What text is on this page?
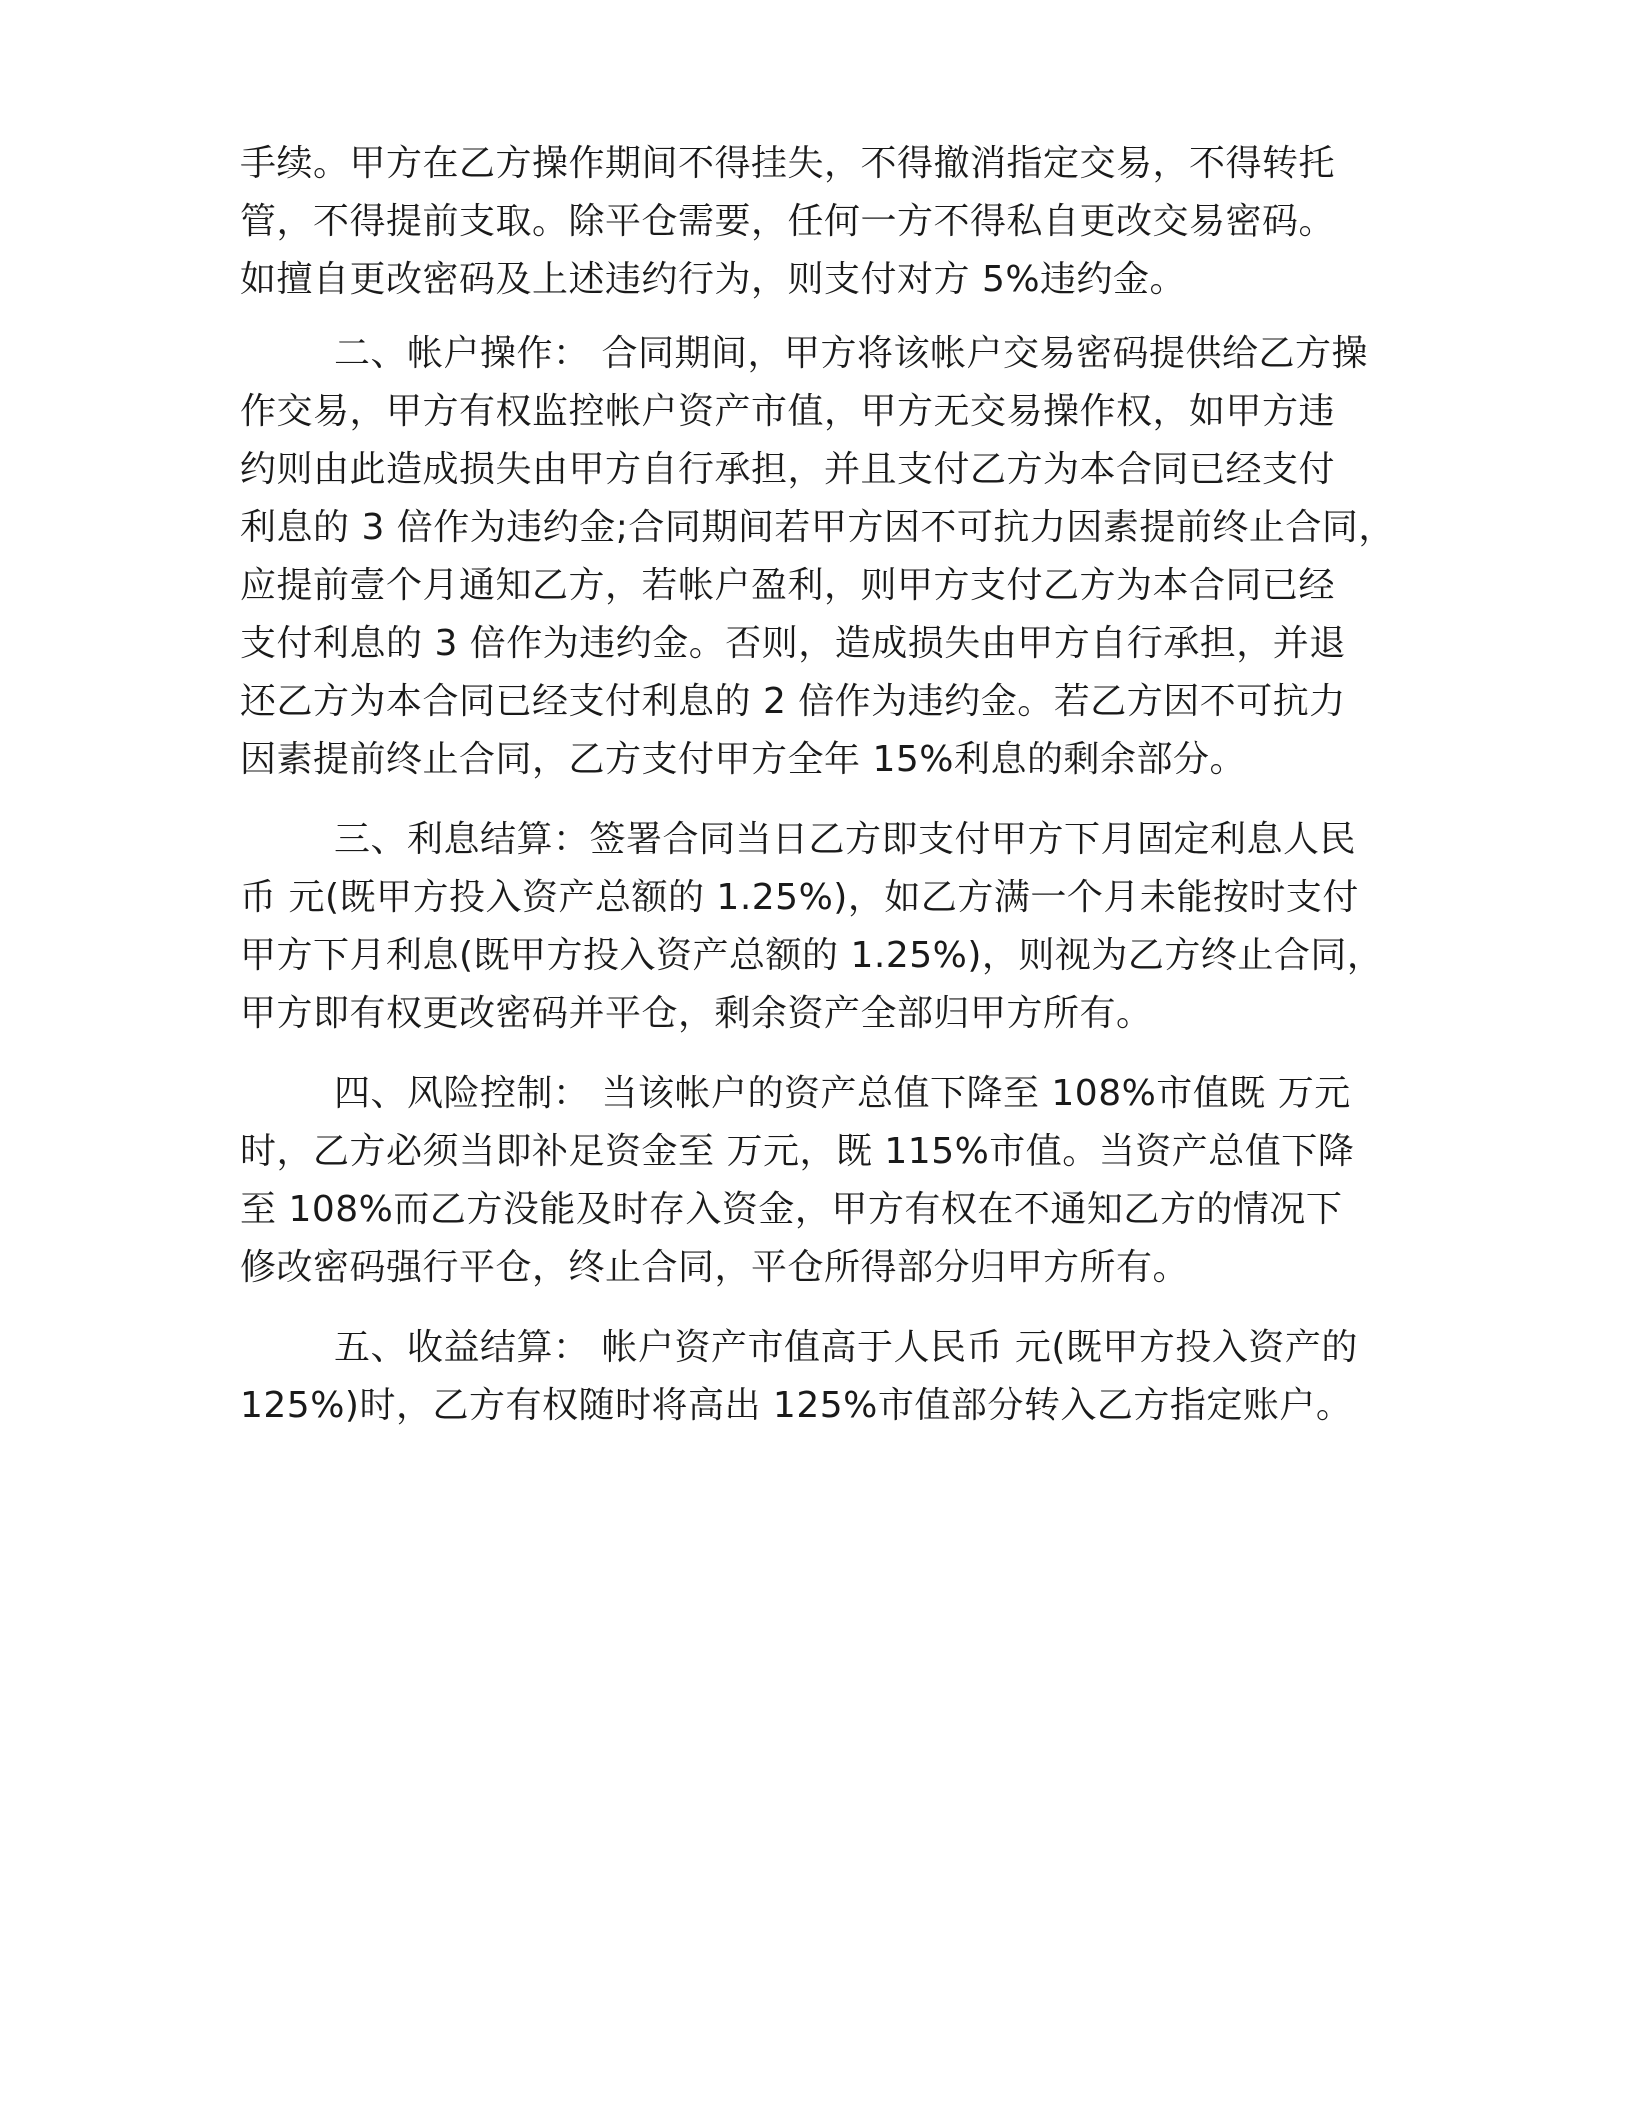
手续。甲方在乙方操作期间不得挂失，不得撤消指定交易，不得转托
管，不得提前支取。除平仓需要，任何一方不得私自更改交易密码。
如擅自更改密码及上述违约行为，则支付对方 5%违约金。
二、帐户操作： 合同期间，甲方将该帐户交易密码提供给乙方操
作交易，甲方有权监控帐户资产市值，甲方无交易操作权，如甲方违
约则由此造成损失由甲方自行承担，并且支付乙方为本合同已经支付
利息的 3 倍作为违约金;合同期间若甲方因不可抗力因素提前终止合同，
应提前壹个月通知乙方，若帐户盈利，则甲方支付乙方为本合同已经
支付利息的 3 倍作为违约金。否则，造成损失由甲方自行承担，并退
还乙方为本合同已经支付利息的 2 倍作为违约金。若乙方因不可抗力
因素提前终止合同，乙方支付甲方全年 15%利息的剩余部分。
三、利息结算：签署合同当日乙方即支付甲方下月固定利息人民
币 元(既甲方投入资产总额的 1.25%)，如乙方满一个月未能按时支付
甲方下月利息(既甲方投入资产总额的 1.25%)，则视为乙方终止合同，
甲方即有权更改密码并平仓，剩余资产全部归甲方所有。
四、风险控制： 当该帐户的资产总值下降至 108%市值既 万元
时，乙方必须当即补足资金至 万元，既 115%市值。当资产总值下降
至 108%而乙方没能及时存入资金，甲方有权在不通知乙方的情况下
修改密码强行平仓，终止合同，平仓所得部分归甲方所有。
五、收益结算： 帐户资产市值高于人民币 元(既甲方投入资产的
125%)时，乙方有权随时将高出 125%市值部分转入乙方指定账户。
